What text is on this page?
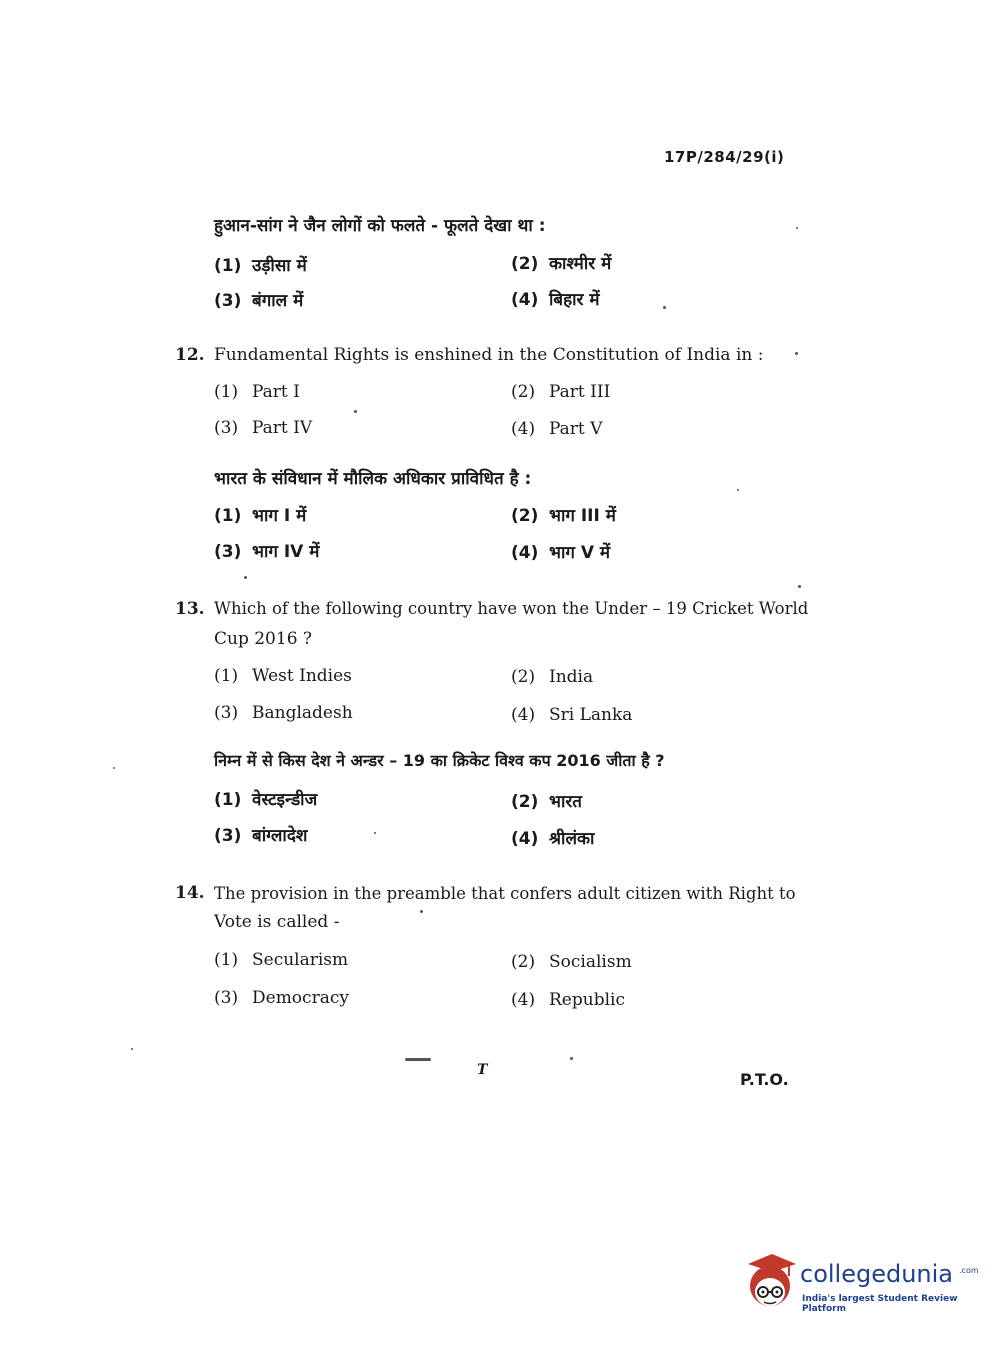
17P/284/29(i)
हुआन-सांग ने जैन लोगों को फलते - फूलते देखा था :
(1) उड़ीसा में	(2) काश्मीर में
(3) बंगाल में	(4) बिहार में
12. Fundamental Rights is enshined in the Constitution of India in :
(1) Part I	(2) Part III
(3) Part IV	(4) Part V
भारत के संविधान में मौलिक अधिकार प्राविधित है :
(1) भाग I में	(2) भाग III में
(3) भाग IV में	(4) भाग V में
13. Which of the following country have won the Under – 19 Cricket World
Cup 2016 ?
(1) West Indies	(2) India
(3) Bangladesh	(4) Sri Lanka
निम्न में से किस देश ने अन्डर – 19 का क्रिकेट विश्व कप 2016 जीता है ?
(1) वेस्टइन्डीज	(2) भारत
(3) बांग्लादेश	(4) श्रीलंका
14. The provision in the preamble that confers adult citizen with Right to
Vote is called -
(1) Secularism	(2) Socialism
(3) Democracy	(4) Republic
T	P.T.O.
collegedunia .com
India's largest Student Review Platform
